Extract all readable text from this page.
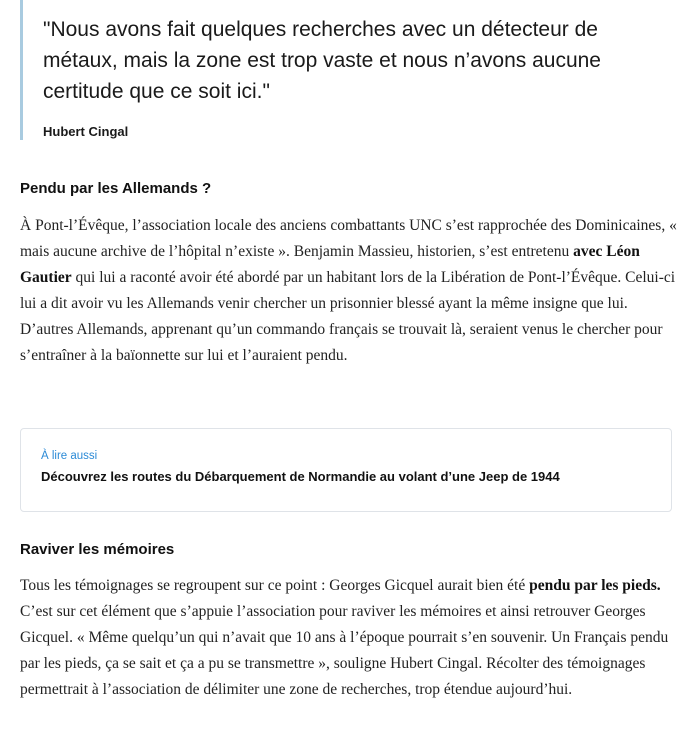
"Nous avons fait quelques recherches avec un détecteur de métaux, mais la zone est trop vaste et nous n’avons aucune certitude que ce soit ici."

Hubert Cingal

Pendu par les Allemands ?

À Pont-l’Évêque, l’association locale des anciens combattants UNC s’est rapprochée des Dominicaines, « mais aucune archive de l’hôpital n’existe ». Benjamin Massieu, historien, s’est entretenu avec Léon Gautier qui lui a raconté avoir été abordé par un habitant lors de la Libération de Pont-l’Évêque. Celui-ci lui a dit avoir vu les Allemands venir chercher un prisonnier blessé ayant la même insigne que lui. D’autres Allemands, apprenant qu’un commando français se trouvait là, seraient venus le chercher pour s’entraîner à la baïonnette sur lui et l’auraient pendu.

À lire aussi

Découvrez les routes du Débarquement de Normandie au volant d’une Jeep de 1944
Raviver les mémoires

Tous les témoignages se regroupent sur ce point : Georges Gicquel aurait bien été pendu par les pieds. C’est sur cet élément que s’appuie l’association pour raviver les mémoires et ainsi retrouver Georges Gicquel. « Même quelqu’un qui n’avait que 10 ans à l’époque pourrait s’en souvenir. Un Français pendu par les pieds, ça se sait et ça a pu se transmettre », souligne Hubert Cingal. Récolter des témoignages permettrait à l’association de délimiter une zone de recherches, trop étendue aujourd’hui.
